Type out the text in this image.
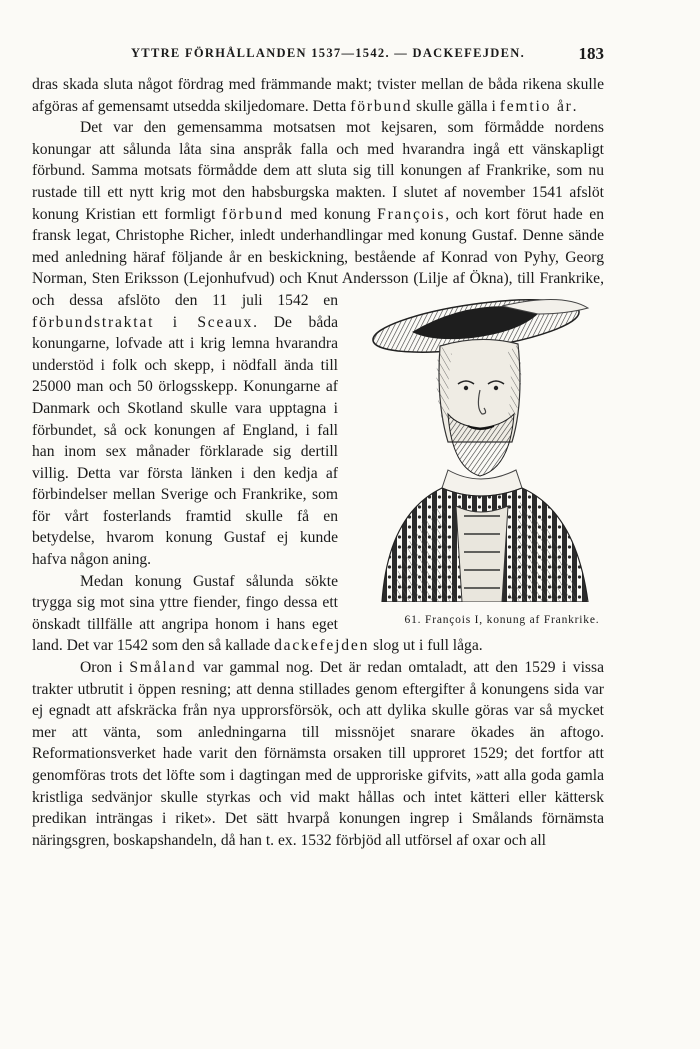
YTTRE FÖRHÅLLANDEN 1537—1542. — DACKEFEJDEN.	183

dras skada sluta något fördrag med främmande makt; tvister mellan de båda rikena skulle afgöras af gemensamt utsedda skiljedomare. Detta förbund skulle gälla i femtio år.

Det var den gemensamma motsatsen mot kejsaren, som förmådde nordens konungar att sålunda låta sina anspråk falla och med hvarandra ingå ett vänskapligt förbund. Samma motsats förmådde dem att sluta sig till konungen af Frankrike, som nu rustade till ett nytt krig mot den habsburgska makten. I slutet af november 1541 afslöt konung Kristian ett formligt förbund med konung François, och kort förut hade en fransk legat, Christophe Richer, inledt underhandlingar med konung Gustaf. Denne sände med anledning häraf följande år en beskickning, bestående af Konrad von Pyhy, Georg Norman, Sten Eriksson (Lejonhufvud) och Knut Andersson (Lilje af Ökna), till Frankrike, och dessa afslöto den 11 juli 1542 en
61. François I, konung af Frankrike.
förbundstraktat i Sceaux. De båda konungarne, lofvade att i krig lemna hvarandra understöd i folk och skepp, i nödfall ända till 25000 man och 50 örlogsskepp. Konungarne af Danmark och Skotland skulle vara upptagna i förbundet, så ock konungen af England, i fall han inom sex månader förklarade sig dertill villig. Detta var första länken i den kedja af förbindelser mellan Sverige och Frankrike, som för vårt fosterlands framtid skulle få en betydelse, hvarom konung Gustaf ej kunde hafva någon aning.

Medan konung Gustaf sålunda sökte trygga sig mot sina yttre fiender, fingo dessa ett önskadt tillfälle att angripa honom i hans eget land. Det var 1542 som den så kallade dackefejden slog ut i full låga.

Oron i Småland var gammal nog. Det är redan omtaladt, att den 1529 i vissa trakter utbrutit i öppen resning; att denna stillades genom eftergifter å konungens sida var ej egnadt att afskräcka från nya upprorsförsök, och att dylika skulle göras var så mycket mer att vänta, som anledningarna till missnöjet snarare ökades än aftogo. Reformationsverket hade varit den förnämsta orsaken till upproret 1529; det fortfor att genomföras trots det löfte som i dagtingan med de upproriske gifvits, »att alla goda gamla kristliga sedvänjor skulle styrkas och vid makt hållas och intet kätteri eller kättersk predikan inträngas i riket». Det sätt hvarpå konungen ingrep i Smålands förnämsta näringsgren, boskapshandeln, då han t. ex. 1532 förbjöd all utförsel af oxar och all
